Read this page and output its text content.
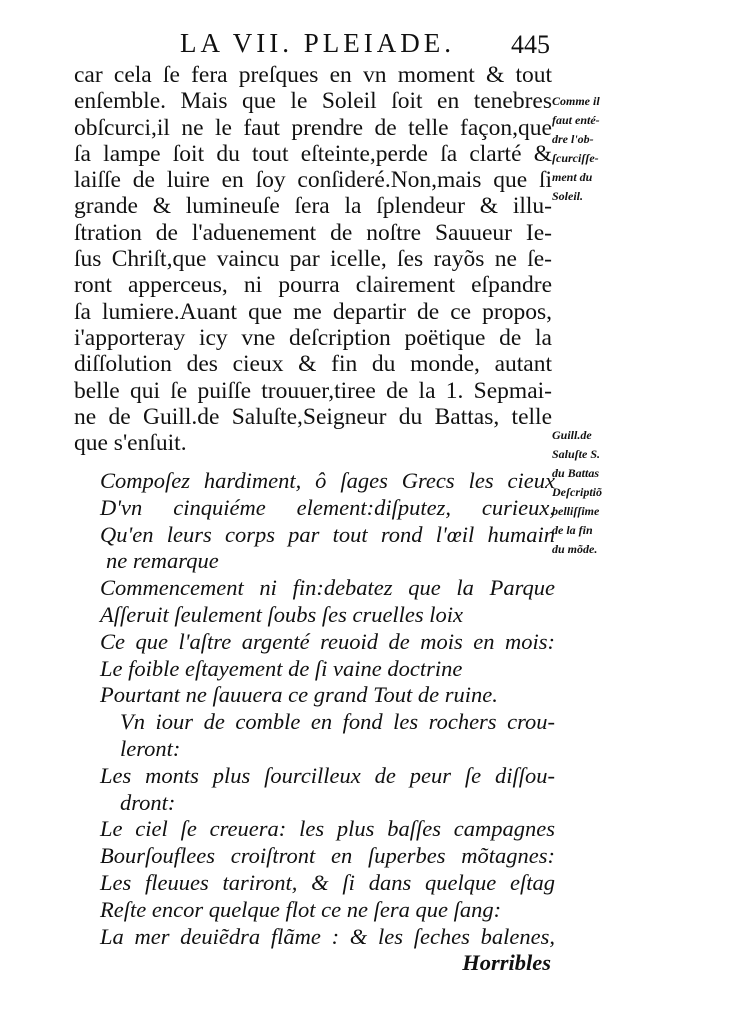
LA VII. PLEIADE. 445
car cela ſe fera preſques en vn moment & tout
enſemble. Mais que le Soleil ſoit en tenebres
obſcurci,il ne le faut prendre de telle façon,que
ſa lampe ſoit du tout eſteinte,perde ſa clarté &
laiſſe de luire en ſoy conſideré.Non,mais que ſi
grande & lumineuſe ſera la ſplendeur & illu-
ſtration de l'aduenement de noſtre Sauueur Ie-
ſus Chriſt,que vaincu par icelle, ſes rayõs ne ſe-
ront apperceus, ni pourra clairement eſpandre
ſa lumiere.Auant que me departir de ce propos,
i'apporteray icy vne deſcription poëtique de la
diſſolution des cieux & fin du monde, autant
belle qui ſe puiſſe trouuer,tiree de la 1. Sepmai-
ne de Guill.de Saluſte,Seigneur du Battas, telle
que s'enſuit.
Compoſez hardiment, ô ſages Grecs les cieux
D'vn cinquiéme element:diſputez, curieux,
Qu'en leurs corps par tout rond l'œil humain
ne remarque
Commencement ni fin:debatez que la Parque
Aſſeruit ſeulement ſoubs ſes cruelles loix
Ce que l'aſtre argenté reuoid de mois en mois:
Le foible eſtayement de ſi vaine doctrine
Pourtant ne ſauuera ce grand Tout de ruine.
Vn iour de comble en fond les rochers crou-
leront:
Les monts plus ſourcilleux de peur ſe diſſou-
dront:
Le ciel ſe creuera: les plus baſſes campagnes
Bourſouflees croiſtront en ſuperbes mõtagnes:
Les fleuues tariront, & ſi dans quelque eſtag
Reſte encor quelque flot ce ne ſera que ſang:
La mer deuiẽdra flãme : & les ſeches balenes,
Horribles
Comme il
faut enté-
dre l'ob-
ſcurciſſe-
ment du
Soleil.
Guill.de
Saluſte S.
du Battas
Deſcriptiõ
belliſſime
de la fin
du mõde.
